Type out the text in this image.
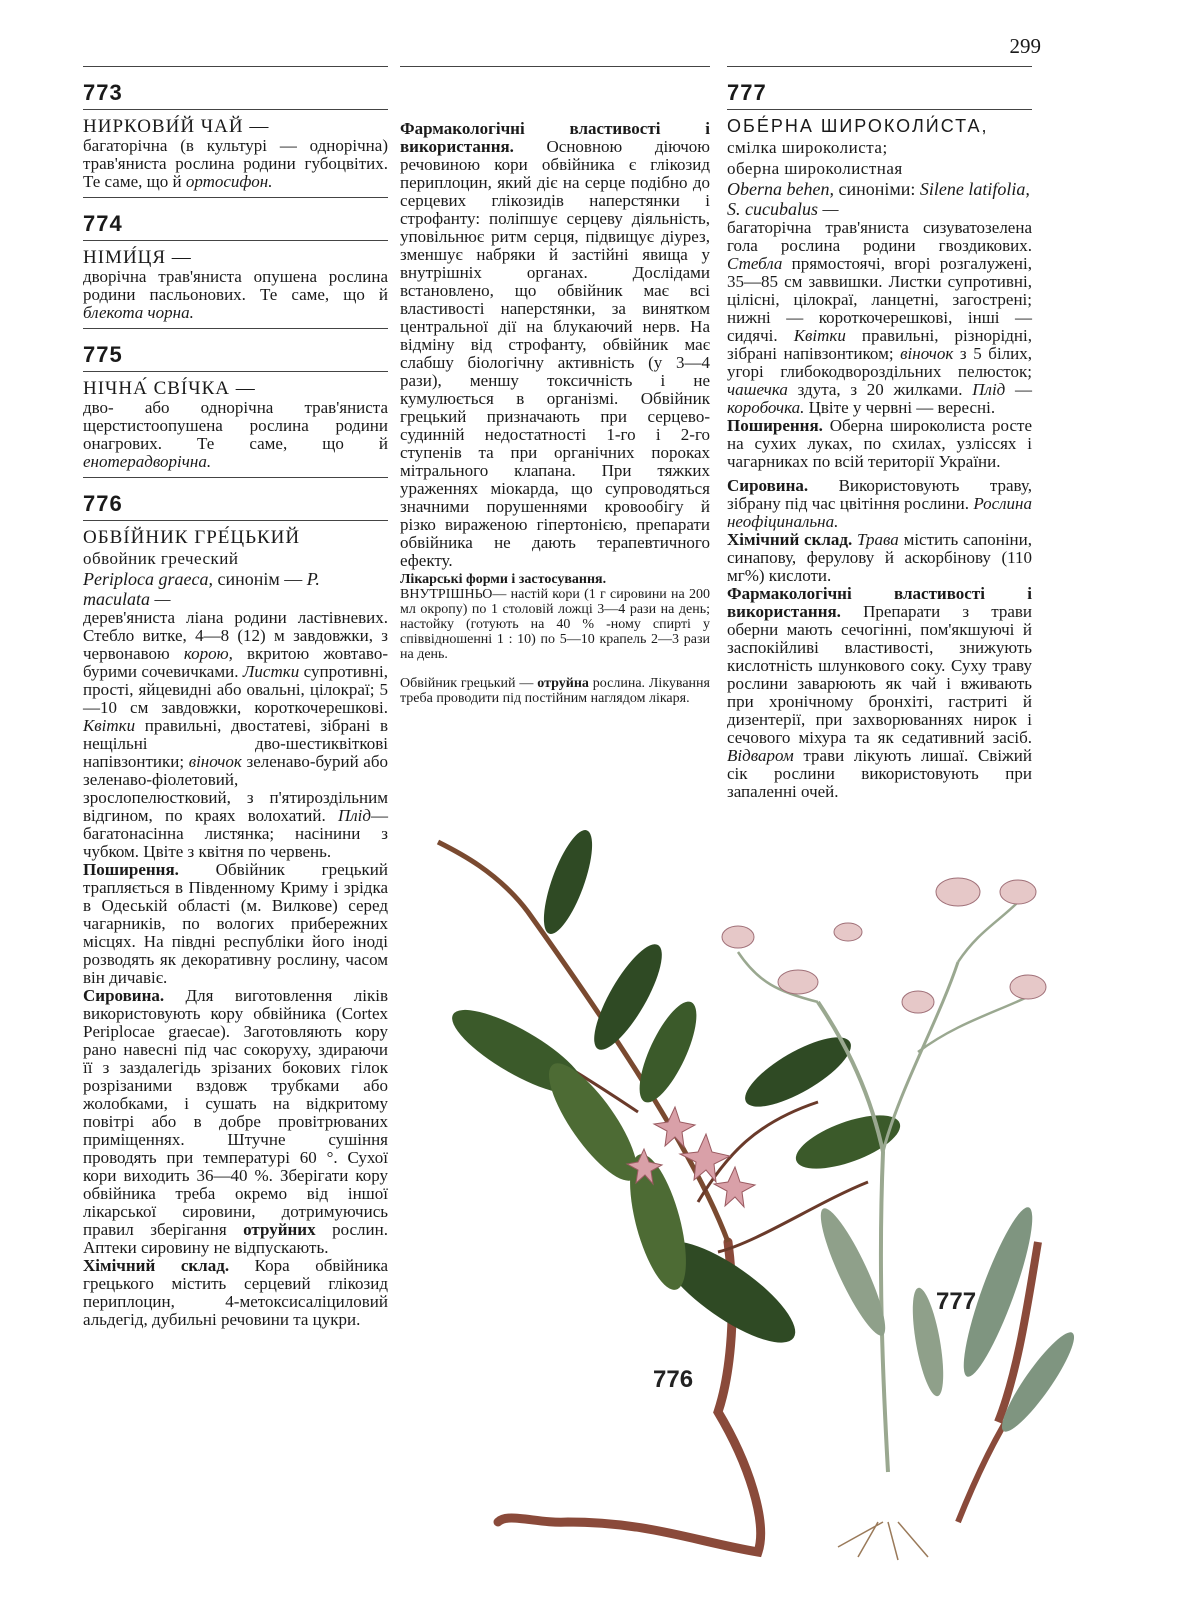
299
773
НИРКОВИ́Й ЧАЙ —

багаторічна (в культурі — однорічна) трав'яниста рослина родини губоцвітих. Те саме, що й ортосифон.

774
НІМИ́ЦЯ —

дворічна трав'яниста опушена рослина родини пасльонових. Те саме, що й блекота чорна.

775
НІЧНА́ СВІ́ЧКА —

дво- або однорічна трав'яниста щерстистоопушена рослина родини онагрових. Те саме, що й енотерадворічна.

776
ОБВІ́ЙНИК ГРЕ́ЦЬКИЙ
обвойник греческий
Periploca graeca, синонім — P. maculata —

дерев'яниста ліана родини ластівневих. Стебло витке, 4—8 (12) м завдовжки, з червонавою корою, вкритою жовтаво-бурими сочевичками. Листки супротивні, прості, яйцевидні або овальні, цілокраї; 5—10 см завдовжки, короткочерешкові. Квітки правильні, двостатеві, зібрані в нещільні дво-шестиквіткові напівзонтики; віночок зеленаво-бурий або зеленаво-фіолетовий, зрослопелюстковий, з п'ятироздільним відгином, по краях волохатий. Плід— багатонасінна листянка; насінини з чубком. Цвіте з квітня по червень.

Поширення. Обвійник грецький трапляється в Південному Криму і зрідка в Одеській області (м. Вилкове) серед чагарників, по вологих прибережних місцях. На півдні республіки його іноді розводять як декоративну рослину, часом він дичавіє.

Сировина. Для виготовлення ліків використовують кору обвійника (Cortex Periplocae graecae). Заготовляють кору рано навесні під час сокоруху, здираючи її з заздалегідь зрізаних бокових гілок розрізаними вздовж трубками або жолобками, і сушать на відкритому повітрі або в добре провітрюваних приміщеннях. Штучне сушіння проводять при температурі 60 °. Сухої кори виходить 36—40 %. Зберігати кору обвійника треба окремо від іншої лікарської сировини, дотримуючись правил зберігання отруйних рослин. Аптеки сировину не відпускають.

Хімічний склад. Кора обвійника грецького містить серцевий глікозид периплоцин, 4-метоксисаліциловий альдегід, дубильні речовини та цукри.

Фармакологічні властивості і використання. Основною діючою речовиною кори обвійника є глікозид периплоцин, який діє на серце подібно до серцевих глікозидів наперстянки і строфанту: поліпшує серцеву діяльність, уповільнює ритм серця, підвищує діурез, зменшує набряки й застійні явища у внутрішніх органах. Дослідами встановлено, що обвійник має всі властивості наперстянки, за винятком центральної дії на блукаючий нерв. На відміну від строфанту, обвійник має слабшу біологічну активність (у 3—4 рази), меншу токсичність і не кумулюється в організмі. Обвійник грецький призначають при серцево-судинній недостатності 1-го і 2-го ступенів та при органічних пороках мітрального клапана. При тяжких ураженнях міокарда, що супроводяться значними порушеннями кровообігу й різко вираженою гіпертонією, препарати обвійника не дають терапевтичного ефекту.

Лікарські форми і застосування.
ВНУТРІШНЬО— настій кори (1 г сировини на 200 мл окропу) по 1 столовій ложці 3—4 рази на день; настойку (готують на 40 % -ному спирті у співвідношенні 1 : 10) по 5—10 крапель 2—3 рази на день.

Обвійник грецький — отруйна рослина. Лікування треба проводити під постійним наглядом лікаря.

777
ОБЕ́РНА ШИРОКОЛИ́СТА,
смілка широколиста;
оберна широколистная
Oberna behen, синоніми: Silene latifolia, S. cucubalus —

багаторічна трав'яниста сизуватозелена гола рослина родини гвоздикових. Стебла прямостоячі, вгорі розгалужені, 35—85 см заввишки. Листки супротивні, цілісні, цілокраї, ланцетні, загострені; нижні — короткочерешкові, інші — сидячі. Квітки правильні, різнорідні, зібрані напівзонтиком; віночок з 5 білих, угорі глибокодвороздільних пелюсток; чашечка здута, з 20 жилками. Плід — коробочка. Цвіте у червні — вересні.

Поширення. Оберна широколиста росте на сухих луках, по схилах, узліссях і чагарниках по всій території України.

Сировина. Використовують траву, зібрану під час цвітіння рослини. Рослина неофіцинальна.

Хімічний склад. Трава містить сапоніни, синапову, ферулову й аскорбінову (110 мг%) кислоти.

Фармакологічні властивості і використання. Препарати з трави оберни мають сечогінні, пом'якшуючі й заспокійливі властивості, знижують кислотність шлункового соку. Суху траву рослини заварюють як чай і вживають при хронічному бронхіті, гастриті й дизентерії, при захворюваннях нирок і сечового міхура та як седативний засіб. Відваром трави лікують лишаї. Свіжий сік рослини використовують при запаленні очей.

776
777
